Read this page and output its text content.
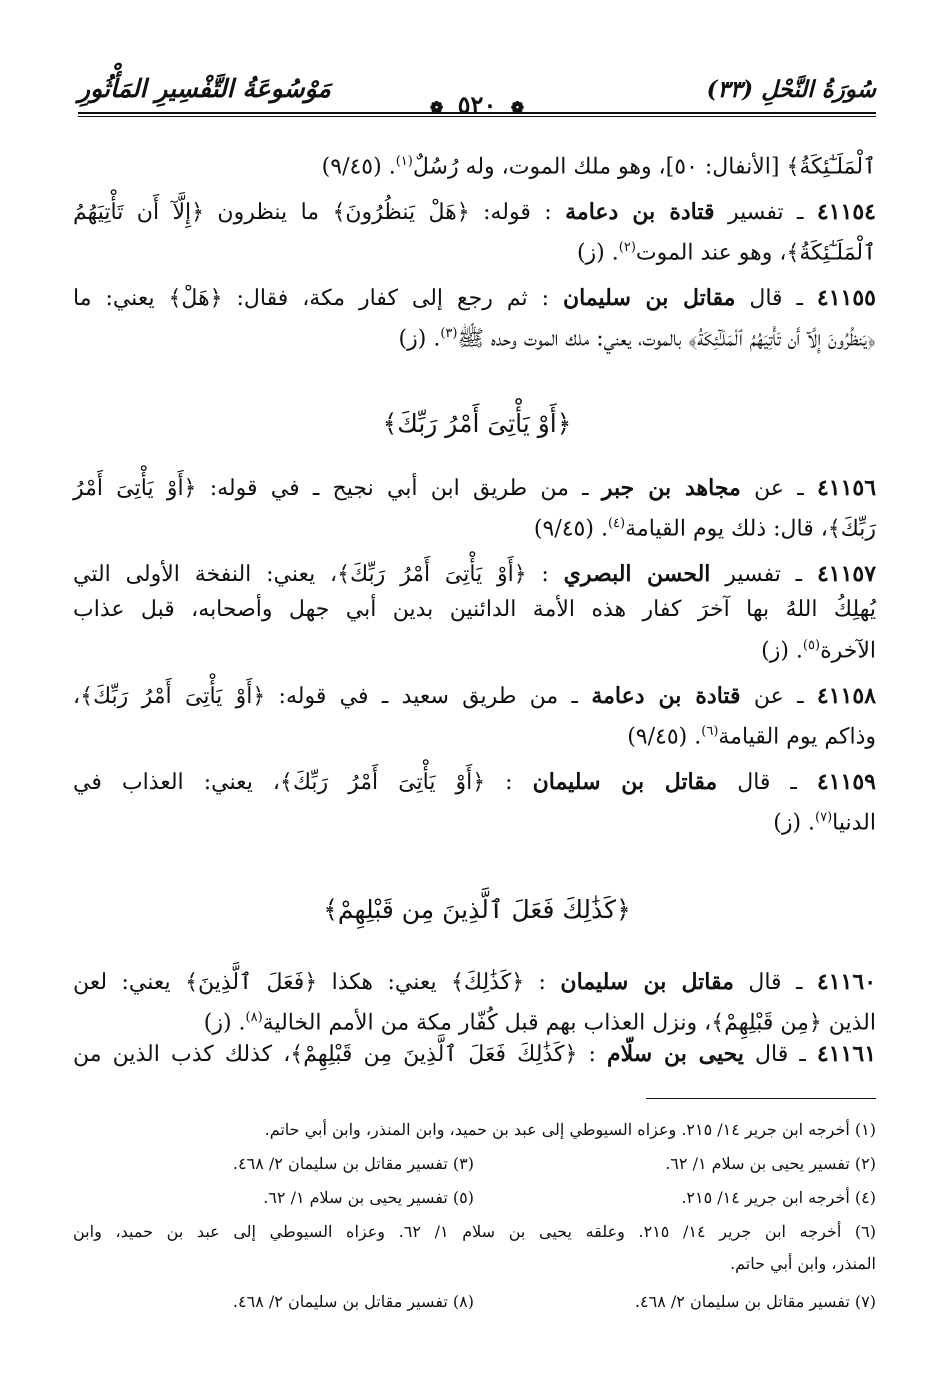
سُورَةُ النَّحْلِ (٣٣)
❁ ٥٢٠ ❁
مَوْسُوعَةُ التَّفْسِيرِ المَأْثُورِ
ٱلْمَلَـٰٓئِكَةُ﴾ [الأنفال: ٥٠]، وهو ملك الموت، وله رُسُلٌ$^{(١)}$. (٩/٤٥)
٤١١٥٤ ـ تفسير قتادة بن دعامة : قوله: ﴿هَلْ يَنظُرُونَ﴾ ما ينظرون ﴿إِلَّآ أَن تَأْتِيَهُمُ
ٱلْمَلَـٰٓئِكَةُ﴾، وهو عند الموت$^{(٢)}$. (ز)
٤١١٥٥ ـ قال مقاتل بن سليمان : ثم رجع إلى كفار مكة، فقال: ﴿هَلْ﴾ يعني: ما
﴿يَنظُرُونَ إِلَّآ أَن تَأْتِيَهُمُ ٱلْمَلَـٰٓئِكَةُ﴾ بالموت، يعني: ملك الموت وحده ﷺ$^{(٣)}$. (ز)
٤١١٥٦ ـ عن مجاهد بن جبر ـ من طريق ابن أبي نجيح ـ في قوله: ﴿أَوْ يَأْتِىَ أَمْرُ
رَبِّكَ﴾، قال: ذلك يوم القيامة$^{(٤)}$. (٩/٤٥)
٤١١٥٧ ـ تفسير الحسن البصري : ﴿أَوْ يَأْتِىَ أَمْرُ رَبِّكَ﴾، يعني: النفخة الأولى التي
يُهلِكُ اللهُ بها آخرَ كفار هذه الأمة الدائنين بدين أبي جهل وأصحابه، قبل عذاب
الآخرة$^{(٥)}$. (ز)
٤١١٥٨ ـ عن قتادة بن دعامة ـ من طريق سعيد ـ في قوله: ﴿أَوْ يَأْتِىَ أَمْرُ رَبِّكَ﴾،
وذاكم يوم القيامة$^{(٦)}$. (٩/٤٥)
٤١١٥٩ ـ قال مقاتل بن سليمان : ﴿أَوْ يَأْتِىَ أَمْرُ رَبِّكَ﴾، يعني: العذاب في
الدنيا$^{(٧)}$. (ز)
٤١١٦٠ ـ قال مقاتل بن سليمان : ﴿كَذَٰلِكَ﴾ يعني: هكذا ﴿فَعَلَ ٱلَّذِينَ﴾ يعني: لعن
الذين ﴿مِن قَبْلِهِمْ﴾، ونزل العذاب بهم قبل كُفّار مكة من الأمم الخالية$^{(٨)}$. (ز)
٤١١٦١ ـ قال يحيى بن سلّام : ﴿كَذَٰلِكَ فَعَلَ ٱلَّذِينَ مِن قَبْلِهِمْ﴾، كذلك كذب الذين من
﴿أَوْ يَأْتِىَ أَمْرُ رَبِّكَ﴾
﴿كَذَٰلِكَ فَعَلَ ٱلَّذِينَ مِن قَبْلِهِمْ﴾
(١) أخرجه ابن جرير ١٤/ ٢١٥. وعزاه السيوطي إلى عبد بن حميد، وابن المنذر، وابن أبي حاتم.
(٢) تفسير يحيى بن سلام ١/ ٦٢.
(٣) تفسير مقاتل بن سليمان ٢/ ٤٦٨.
(٤) أخرجه ابن جرير ١٤/ ٢١٥.
(٥) تفسير يحيى بن سلام ١/ ٦٢.
(٦) أخرجه ابن جرير ١٤/ ٢١٥. وعلقه يحيى بن سلام ١/ ٦٢. وعزاه السيوطي إلى عبد بن حميد، وابن
المنذر، وابن أبي حاتم.
(٧) تفسير مقاتل بن سليمان ٢/ ٤٦٨.
(٨) تفسير مقاتل بن سليمان ٢/ ٤٦٨.
